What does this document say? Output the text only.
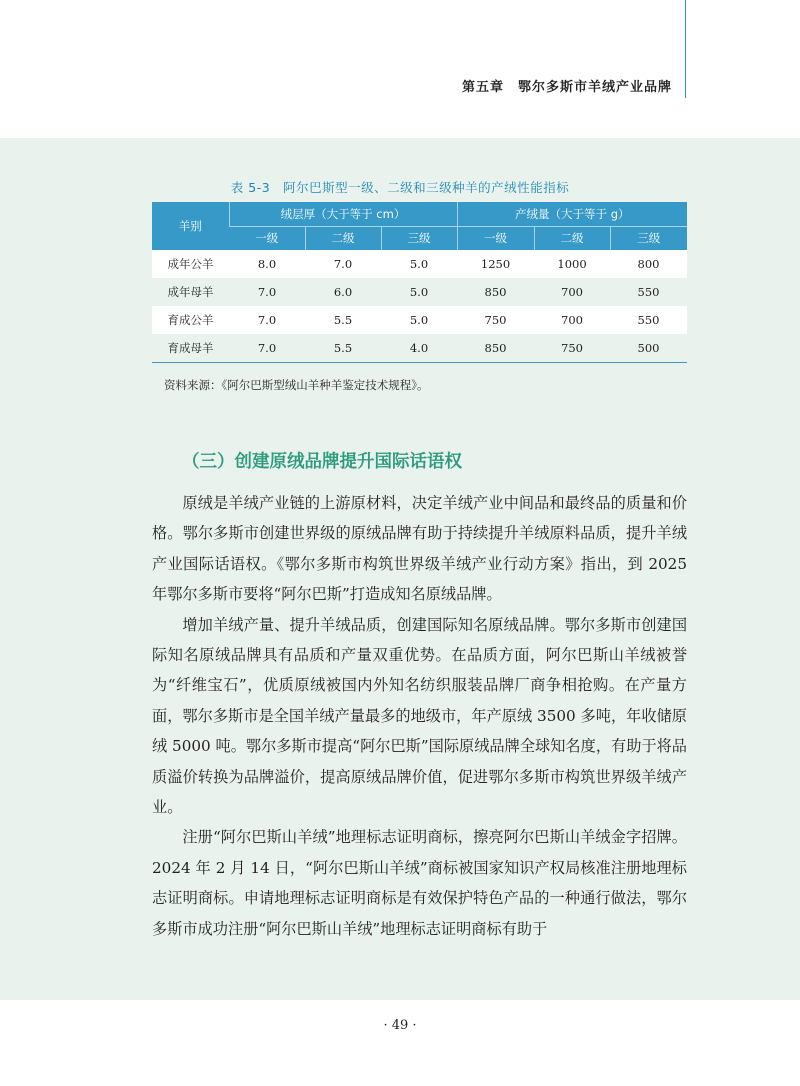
第五章　鄂尔多斯市羊绒产业品牌
表 5-3　阿尔巴斯型一级、二级和三级种羊的产绒性能指标
羊别	绒层厚（大于等于 cm）			产绒量（大于等于 g）		
	一级	二级	三级	一级	二级	三级
成年公羊	8.0	7.0	5.0	1250	1000	800
成年母羊	7.0	6.0	5.0	850	700	550
育成公羊	7.0	5.5	5.0	750	700	550
育成母羊	7.0	5.5	4.0	850	750	500
资料来源：《阿尔巴斯型绒山羊种羊鉴定技术规程》。
（三）创建原绒品牌提升国际话语权

原绒是羊绒产业链的上游原材料，决定羊绒产业中间品和最终品的质量和价格。鄂尔多斯市创建世界级的原绒品牌有助于持续提升羊绒原料品质，提升羊绒产业国际话语权。《鄂尔多斯市构筑世界级羊绒产业行动方案》指出，到 2025 年鄂尔多斯市要将“阿尔巴斯”打造成知名原绒品牌。

增加羊绒产量、提升羊绒品质，创建国际知名原绒品牌。鄂尔多斯市创建国际知名原绒品牌具有品质和产量双重优势。在品质方面，阿尔巴斯山羊绒被誉为“纤维宝石”，优质原绒被国内外知名纺织服装品牌厂商争相抢购。在产量方面，鄂尔多斯市是全国羊绒产量最多的地级市，年产原绒 3500 多吨，年收储原绒 5000 吨。鄂尔多斯市提高“阿尔巴斯”国际原绒品牌全球知名度，有助于将品质溢价转换为品牌溢价，提高原绒品牌价值，促进鄂尔多斯市构筑世界级羊绒产业。

注册“阿尔巴斯山羊绒”地理标志证明商标，擦亮阿尔巴斯山羊绒金字招牌。2024 年 2 月 14 日，“阿尔巴斯山羊绒”商标被国家知识产权局核准注册地理标志证明商标。申请地理标志证明商标是有效保护特色产品的一种通行做法，鄂尔多斯市成功注册“阿尔巴斯山羊绒”地理标志证明商标有助于

· 49 ·
